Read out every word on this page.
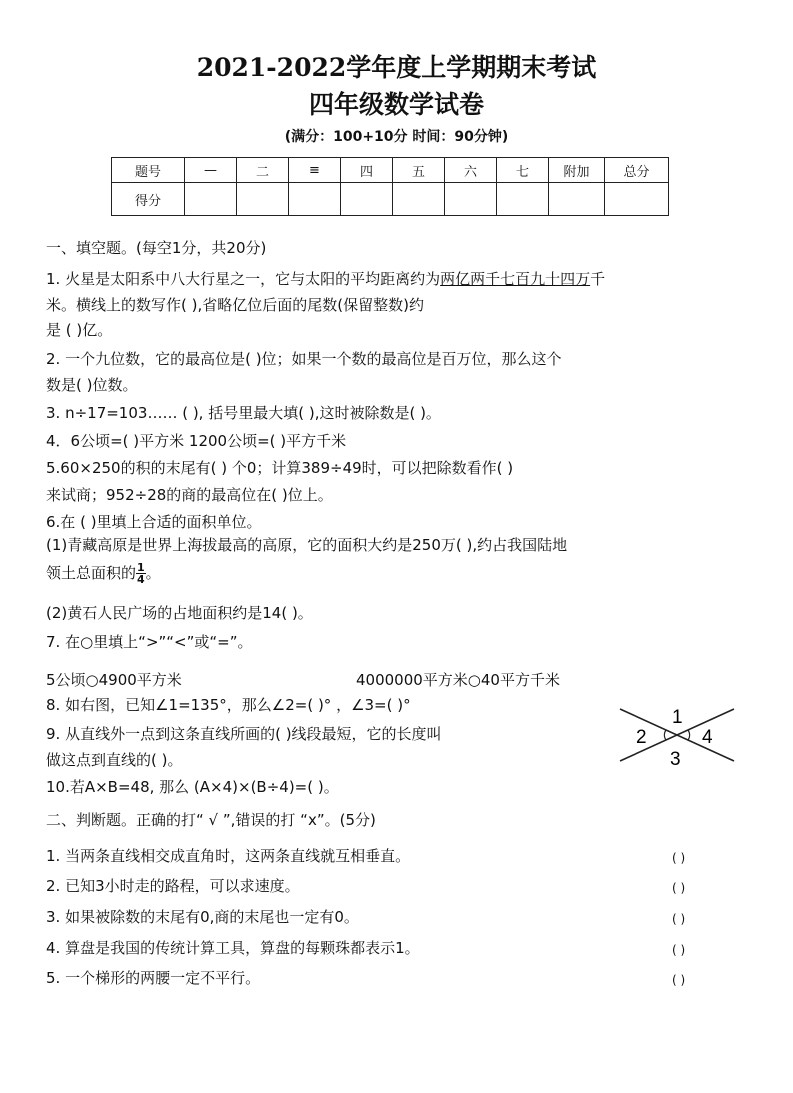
2021-2022学年度上学期期末考试
四年级数学试卷
(满分：100+10分 时间：90分钟)
题号	—	二	≡	四	五	六	七	附加	总分
得分									
一、填空题。(每空1分，共20分)
1. 火星是太阳系中八大行星之一，它与太阳的平均距离约为两亿两千七百九十四万千
米。横线上的数写作( ),省略亿位后面的尾数(保留整数)约
是 ( )亿。
2. 一个九位数，它的最高位是( )位；如果一个数的最高位是百万位，那么这个
数是( )位数。
3. n÷17=103…… ( ), 括号里最大填( ),这时被除数是( )。
4．6公顷=( )平方米 1200公顷=( )平方千米
5.60×250的积的末尾有( ) 个0；计算389÷49时，可以把除数看作( )
来试商；952÷28的商的最高位在( )位上。
6.在 ( )里填上合适的面积单位。
(1)青藏高原是世界上海拔最高的高原，它的面积大约是250万( ),约占我国陆地
领土总面积的 $\frac{1}{4}$ 。
(2)黄石人民广场的占地面积约是14( )。
7. 在○里填上“>”“<”或“=”。
5公顷○4900平方米	4000000平方米○40平方千米
8. 如右图，已知∠1=135°，那么∠2=( )° ，∠3=( )°
9. 从直线外一点到这条直线所画的( )线段最短，它的长度叫
做这点到直线的( )。
10.若A×B=48, 那么 (A×4)×(B÷4)=( )。
1
2	4
3
二、判断题。正确的打“ √ ”,错误的打 “x”。(5分)
1. 当两条直线相交成直角时，这两条直线就互相垂直。	( )
2. 已知3小时走的路程，可以求速度。	( )
3. 如果被除数的末尾有0,商的末尾也一定有0。	( )
4. 算盘是我国的传统计算工具，算盘的每颗珠都表示1。	( )
5. 一个梯形的两腰一定不平行。	( )
